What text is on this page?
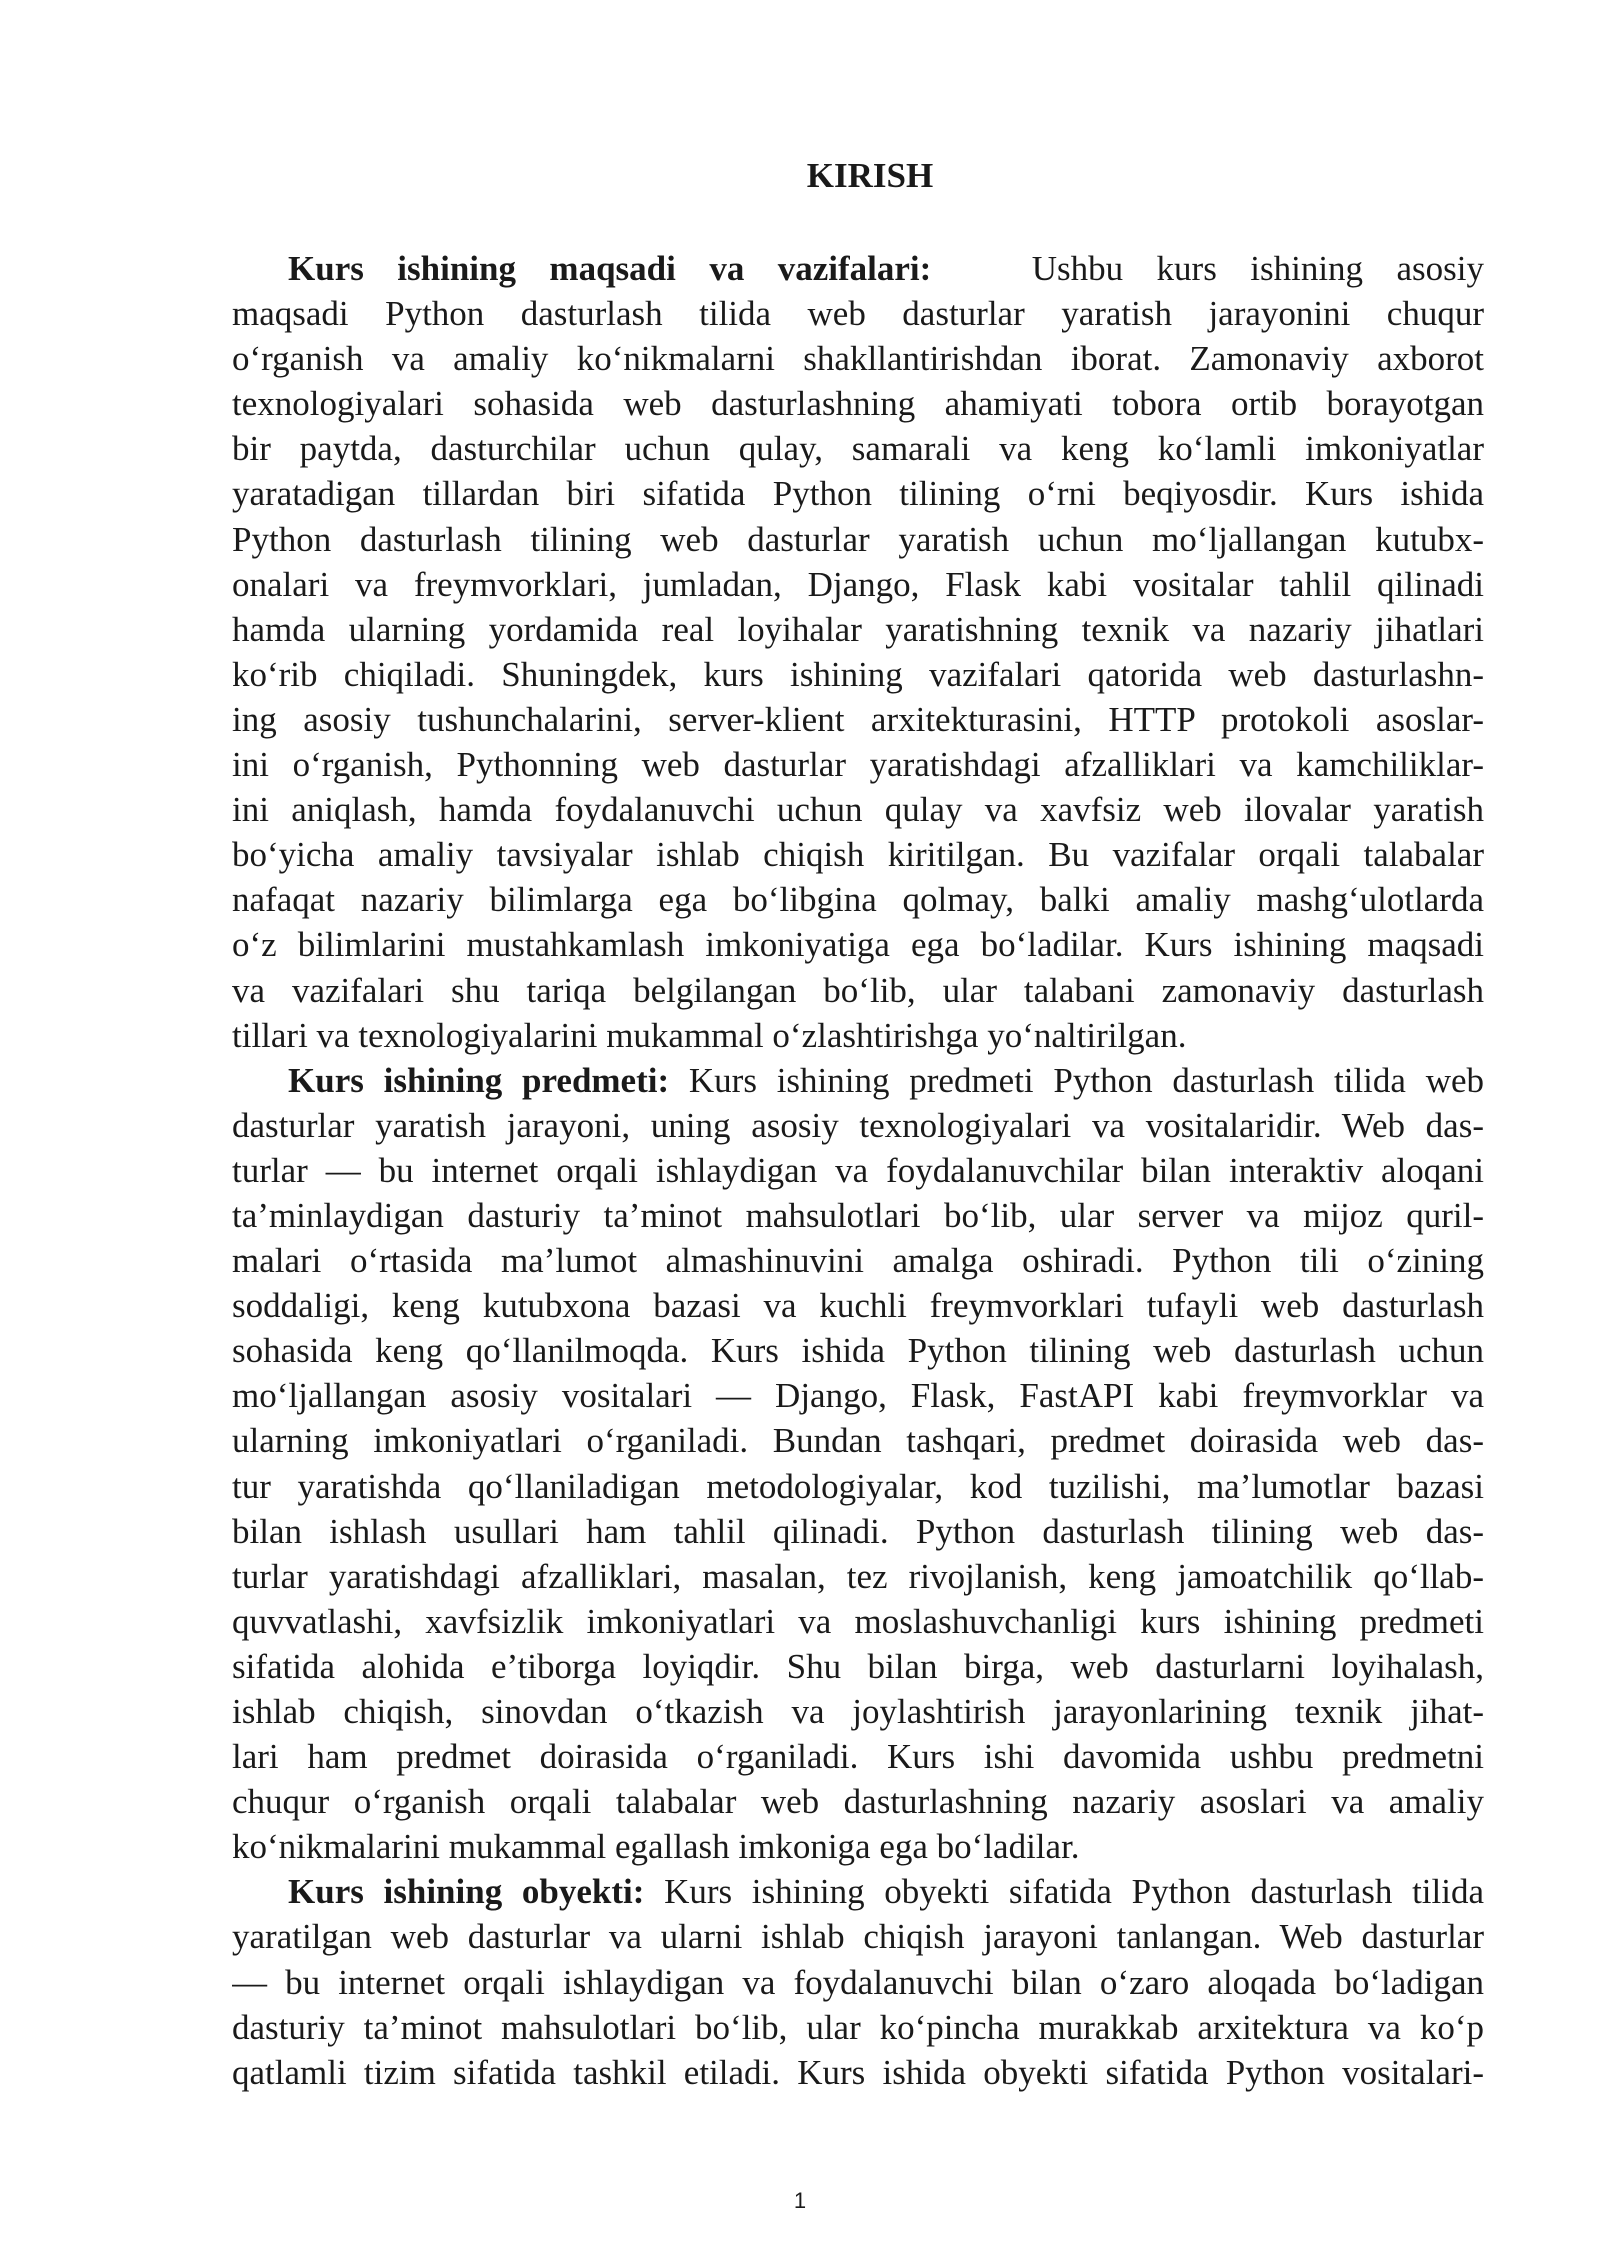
KIRISH
Kurs ishining maqsadi va vazifalari:	Ushbu kurs ishining asosiy
maqsadi Python dasturlash tilida web dasturlar yaratish jarayonini chuqur
o‘rganish va amaliy ko‘nikmalarni shakllantirishdan iborat. Zamonaviy axborot
texnologiyalari sohasida web dasturlashning ahamiyati tobora ortib borayotgan
bir paytda, dasturchilar uchun qulay, samarali va keng ko‘lamli imkoniyatlar
yaratadigan tillardan biri sifatida Python tilining o‘rni beqiyosdir. Kurs ishida
Python dasturlash tilining web dasturlar yaratish uchun mo‘ljallangan kutubx-
onalari va freymvorklari, jumladan, Django, Flask kabi vositalar tahlil qilinadi
hamda ularning yordamida real loyihalar yaratishning texnik va nazariy jihatlari
ko‘rib chiqiladi. Shuningdek, kurs ishining vazifalari qatorida web dasturlashn-
ing asosiy tushunchalarini, server-klient arxitekturasini, HTTP protokoli asoslar-
ini o‘rganish, Pythonning web dasturlar yaratishdagi afzalliklari va kamchiliklar-
ini aniqlash, hamda foydalanuvchi uchun qulay va xavfsiz web ilovalar yaratish
bo‘yicha amaliy tavsiyalar ishlab chiqish kiritilgan. Bu vazifalar orqali talabalar
nafaqat nazariy bilimlarga ega bo‘libgina qolmay, balki amaliy mashg‘ulotlarda
o‘z bilimlarini mustahkamlash imkoniyatiga ega bo‘ladilar. Kurs ishining maqsadi
va vazifalari shu tariqa belgilangan bo‘lib, ular talabani zamonaviy dasturlash
tillari va texnologiyalarini mukammal o‘zlashtirishga yo‘naltirilgan.
Kurs ishining predmeti: Kurs ishining predmeti Python dasturlash tilida web
dasturlar yaratish jarayoni, uning asosiy texnologiyalari va vositalaridir. Web das-
turlar — bu internet orqali ishlaydigan va foydalanuvchilar bilan interaktiv aloqani
ta’minlaydigan dasturiy ta’minot mahsulotlari bo‘lib, ular server va mijoz quril-
malari o‘rtasida ma’lumot almashinuvini amalga oshiradi. Python tili o‘zining
soddaligi, keng kutubxona bazasi va kuchli freymvorklari tufayli web dasturlash
sohasida keng qo‘llanilmoqda. Kurs ishida Python tilining web dasturlash uchun
mo‘ljallangan asosiy vositalari — Django, Flask, FastAPI kabi freymvorklar va
ularning imkoniyatlari o‘rganiladi. Bundan tashqari, predmet doirasida web das-
tur yaratishda qo‘llaniladigan metodologiyalar, kod tuzilishi, ma’lumotlar bazasi
bilan ishlash usullari ham tahlil qilinadi. Python dasturlash tilining web das-
turlar yaratishdagi afzalliklari, masalan, tez rivojlanish, keng jamoatchilik qo‘llab-
quvvatlashi, xavfsizlik imkoniyatlari va moslashuvchanligi kurs ishining predmeti
sifatida alohida e’tiborga loyiqdir. Shu bilan birga, web dasturlarni loyihalash,
ishlab chiqish, sinovdan o‘tkazish va joylashtirish jarayonlarining texnik jihat-
lari ham predmet doirasida o‘rganiladi. Kurs ishi davomida ushbu predmetni
chuqur o‘rganish orqali talabalar web dasturlashning nazariy asoslari va amaliy
ko‘nikmalarini mukammal egallash imkoniga ega bo‘ladilar.
Kurs ishining obyekti: Kurs ishining obyekti sifatida Python dasturlash tilida
yaratilgan web dasturlar va ularni ishlab chiqish jarayoni tanlangan. Web dasturlar
— bu internet orqali ishlaydigan va foydalanuvchi bilan o‘zaro aloqada bo‘ladigan
dasturiy ta’minot mahsulotlari bo‘lib, ular ko‘pincha murakkab arxitektura va ko‘p
qatlamli tizim sifatida tashkil etiladi. Kurs ishida obyekti sifatida Python vositalari-
1
